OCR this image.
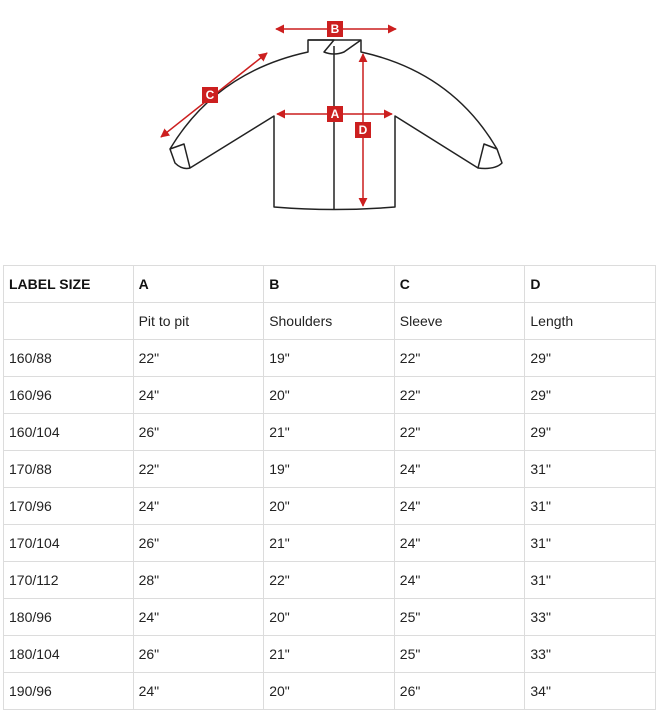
B
A
C
D
LABEL SIZE	A	B	C	D
	Pit to pit	Shoulders	Sleeve	Length
160/88	22"	19"	22"	29"
160/96	24"	20"	22"	29"
160/104	26"	21"	22"	29"
170/88	22"	19"	24"	31"
170/96	24"	20"	24"	31"
170/104	26"	21"	24"	31"
170/112	28"	22"	24"	31"
180/96	24"	20"	25"	33"
180/104	26"	21"	25"	33"
190/96	24"	20"	26"	34"
